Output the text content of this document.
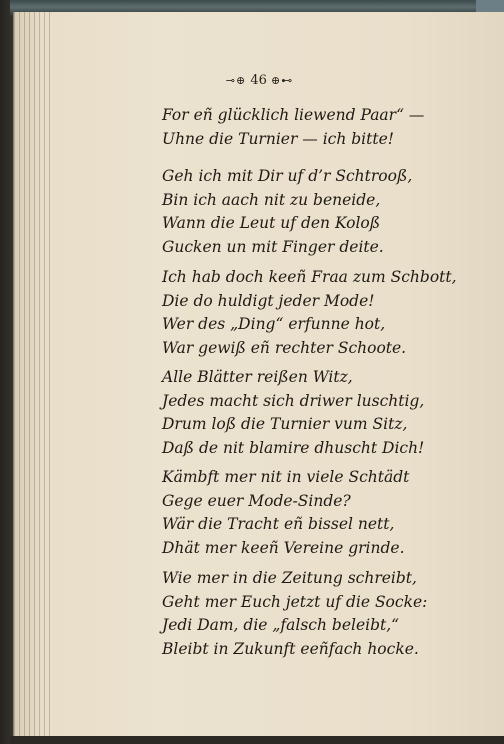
⊸⊕ 46 ⊕⊷
For eñ glücklich liewend Paar“ —
Uhne die Turnier — ich bitte!
Geh ich mit Dir uf d’r Schtrooß,
Bin ich aach nit zu beneide,
Wann die Leut uf den Koloß
Gucken un mit Finger deite.
Ich hab doch keeñ Fraa zum Schbott,
Die do huldigt jeder Mode!
Wer des „Ding“ erfunne hot,
War gewiß eñ rechter Schoote.
Alle Blätter reißen Witz,
Jedes macht sich driwer luschtig,
Drum loß die Turnier vum Sitz,
Daß de nit blamire dhuscht Dich!
Kämbft mer nit in viele Schtädt
Gege euer Mode-Sinde?
Wär die Tracht eñ bissel nett,
Dhät mer keeñ Vereine grinde.
Wie mer in die Zeitung schreibt,
Geht mer Euch jetzt uf die Socke:
Jedi Dam, die „falsch beleibt,“
Bleibt in Zukunft eeñfach hocke.
